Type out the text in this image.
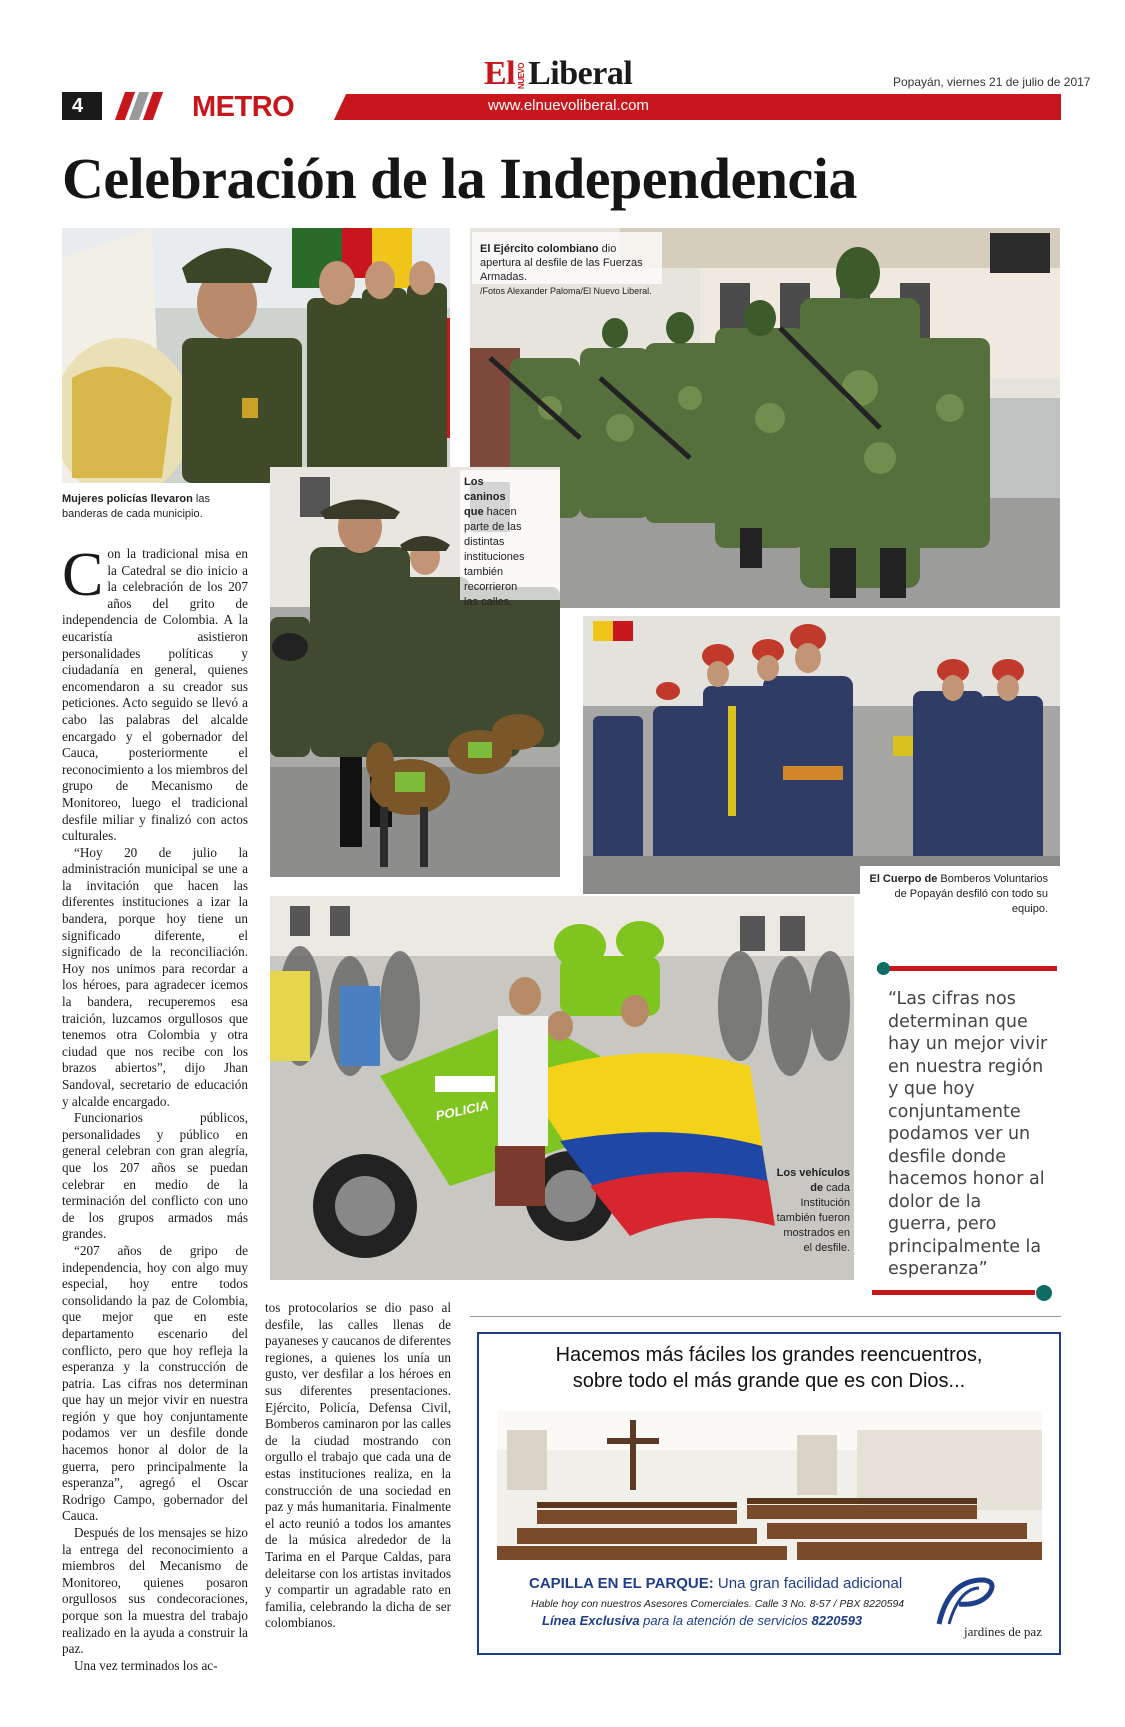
4	METRO	www.elnuevoliberal.com
El NUEVOLiberal	Popayán, viernes 21 de julio de 2017
Celebración de la Independencia
Mujeres policías llevaron las banderas de cada municipio.
El Ejército colombiano dio apertura al desfile de las Fuerzas Armadas.
/Fotos Alexander Paloma/El Nuevo Liberal.
Los caninos que hacen parte de las distintas instituciones también recorrieron las calles.
El Cuerpo de Bomberos Voluntarios de Popayán desfiló con todo su equipo.
POLICIA
Los vehículos de cada Institución también fueron mostrados en el desfile.

Con la tradicional misa en la Catedral se dio inicio a la celebración de los 207 años del grito de independencia de Colombia. A la eucaristía asistieron personalidades políticas y ciudadanía en general, quienes encomendaron a su creador sus peticiones. Acto seguido se llevó a cabo las palabras del alcalde encargado y el gobernador del Cauca, posteriormente el reconocimiento a los miembros del grupo de Mecanismo de Monitoreo, luego el tradicional desfile miliar y finalizó con actos culturales.

“Hoy 20 de julio la administración municipal se une a la invitación que hacen las diferentes instituciones a izar la bandera, porque hoy tiene un significado diferente, el significado de la reconciliación. Hoy nos unimos para recordar a los héroes, para agradecer icemos la bandera, recuperemos esa traición, luzcamos orgullosos que tenemos otra Colombia y otra ciudad que nos recibe con los brazos abiertos”, dijo Jhan Sandoval, secretario de educación y alcalde encargado.

Funcionarios públicos, personalidades y público en general celebran con gran alegría, que los 207 años se puedan celebrar en medio de la terminación del conflicto con uno de los grupos armados más grandes.

“207 años de gripo de independencia, hoy con algo muy especial, hoy entre todos consolidando la paz de Colombia, que mejor que en este departamento escenario del conflicto, pero que hoy refleja la esperanza y la construcción de patria. Las cifras nos determinan que hay un mejor vivir en nuestra región y que hoy conjuntamente podamos ver un desfile donde hacemos honor al dolor de la guerra, pero principalmente la esperanza”, agregó el Oscar Rodrigo Campo, gobernador del Cauca.

Después de los mensajes se hizo la entrega del reconocimiento a miembros del Mecanismo de Monitoreo, quienes posaron orgullosos sus condecoraciones, porque son la muestra del trabajo realizado en la ayuda a construir la paz.

Una vez terminados los ac-

tos protocolarios se dio paso al desfile, las calles llenas de payaneses y caucanos de diferentes regiones, a quienes los unía un gusto, ver desfilar a los héroes en sus diferentes presentaciones. Ejército, Policía, Defensa Civil, Bomberos caminaron por las calles de la ciudad mostrando con orgullo el trabajo que cada una de estas instituciones realiza, en la construcción de una sociedad en paz y más humanitaria. Finalmente el acto reunió a todos los amantes de la música alrededor de la Tarima en el Parque Caldas, para deleitarse con los artistas invitados y compartir un agradable rato en familia, celebrando la dicha de ser colombianos.

“Las cifras nos determinan que hay un mejor vivir en nuestra región y que hoy conjuntamente podamos ver un desfile donde hacemos honor al dolor de la guerra, pero principalmente la esperanza”
Hacemos más fáciles los grandes reencuentros,
sobre todo el más grande que es con Dios...
CAPILLA EN EL PARQUE: Una gran facilidad adicional
Hable hoy con nuestros Asesores Comerciales. Calle 3 No. 8-57 / PBX 8220594
Línea Exclusiva para la atención de servicios 8220593
jardines de paz
